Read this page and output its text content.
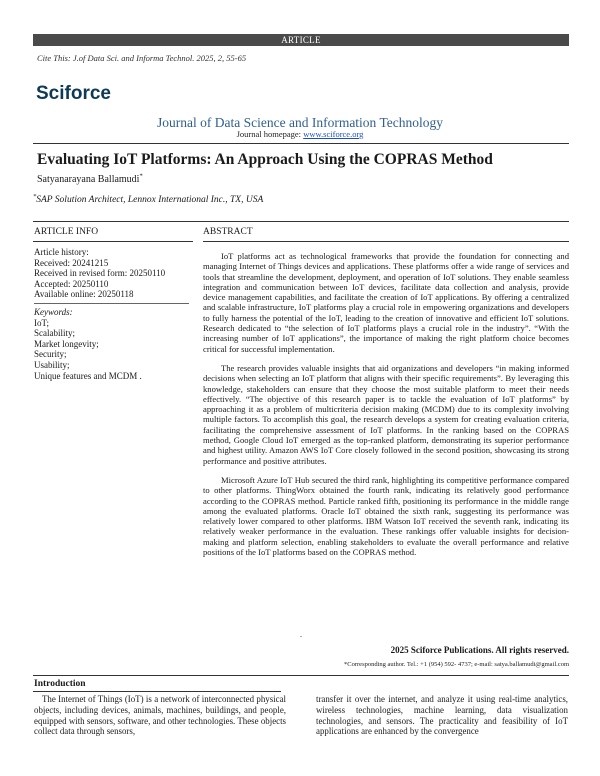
ARTICLE
Cite This: J.of Data Sci. and Informa Technol. 2025, 2, 55-65
Sciforce
Journal of Data Science and Information Technology
Journal homepage: www.sciforce.org
Evaluating IoT Platforms: An Approach Using the COPRAS Method
Satyanarayana Ballamudi*
*SAP Solution Architect, Lennox International Inc., TX, USA
ARTICLE INFO	ABSTRACT
Article history:
Received: 20241215
Received in revised form: 20250110
Accepted: 20250110
Available online: 20250118
Keywords:
IoT;
Scalability;
Market longevity;
Security;
Usability;
Unique features and MCDM .

IoT platforms act as technological frameworks that provide the foundation for connecting and managing Internet of Things devices and applications. These platforms offer a wide range of services and tools that streamline the development, deployment, and operation of IoT solutions. They enable seamless integration and communication between IoT devices, facilitate data collection and analysis, provide device management capabilities, and facilitate the creation of IoT applications. By offering a centralized and scalable infrastructure, IoT platforms play a crucial role in empowering organizations and developers to fully harness the potential of the IoT, leading to the creation of innovative and efficient IoT solutions. Research dedicated to “the selection of IoT platforms plays a crucial role in the industry”. “With the increasing number of IoT applications”, the importance of making the right platform choice becomes critical for successful implementation.

The research provides valuable insights that aid organizations and developers “in making informed decisions when selecting an IoT platform that aligns with their specific requirements”. By leveraging this knowledge, stakeholders can ensure that they choose the most suitable platform to meet their needs effectively. “The objective of this research paper is to tackle the evaluation of IoT platforms” by approaching it as a problem of multicriteria decision making (MCDM) due to its complexity involving multiple factors. To accomplish this goal, the research develops a system for creating evaluation criteria, facilitating the comprehensive assessment of IoT platforms. In the ranking based on the COPRAS method, Google Cloud IoT emerged as the top-ranked platform, demonstrating its superior performance and highest utility. Amazon AWS IoT Core closely followed in the second position, showcasing its strong performance and positive attributes.

Microsoft Azure IoT Hub secured the third rank, highlighting its competitive performance compared to other platforms. ThingWorx obtained the fourth rank, indicating its relatively good performance according to the COPRAS method. Particle ranked fifth, positioning its performance in the middle range among the evaluated platforms. Oracle IoT obtained the sixth rank, suggesting its performance was relatively lower compared to other platforms. IBM Watson IoT received the seventh rank, indicating its relatively weaker performance in the evaluation. These rankings offer valuable insights for decision-making and platform selection, enabling stakeholders to evaluate the overall performance and relative positions of the IoT platforms based on the COPRAS method.

.
2025 Sciforce Publications. All rights reserved.
*Corresponding author. Tel.: +1 (954) 592- 4737; e-mail: satya.ballamudi@gmail.com
Introduction
The Internet of Things (IoT) is a network of interconnected physical objects, including devices, animals, machines, buildings, and people, equipped with sensors, software, and other technologies. These objects collect data through sensors,
transfer it over the internet, and analyze it using real-time analytics, wireless technologies, machine learning, data visualization technologies, and sensors. The practicality and feasibility of IoT applications are enhanced by the convergence
